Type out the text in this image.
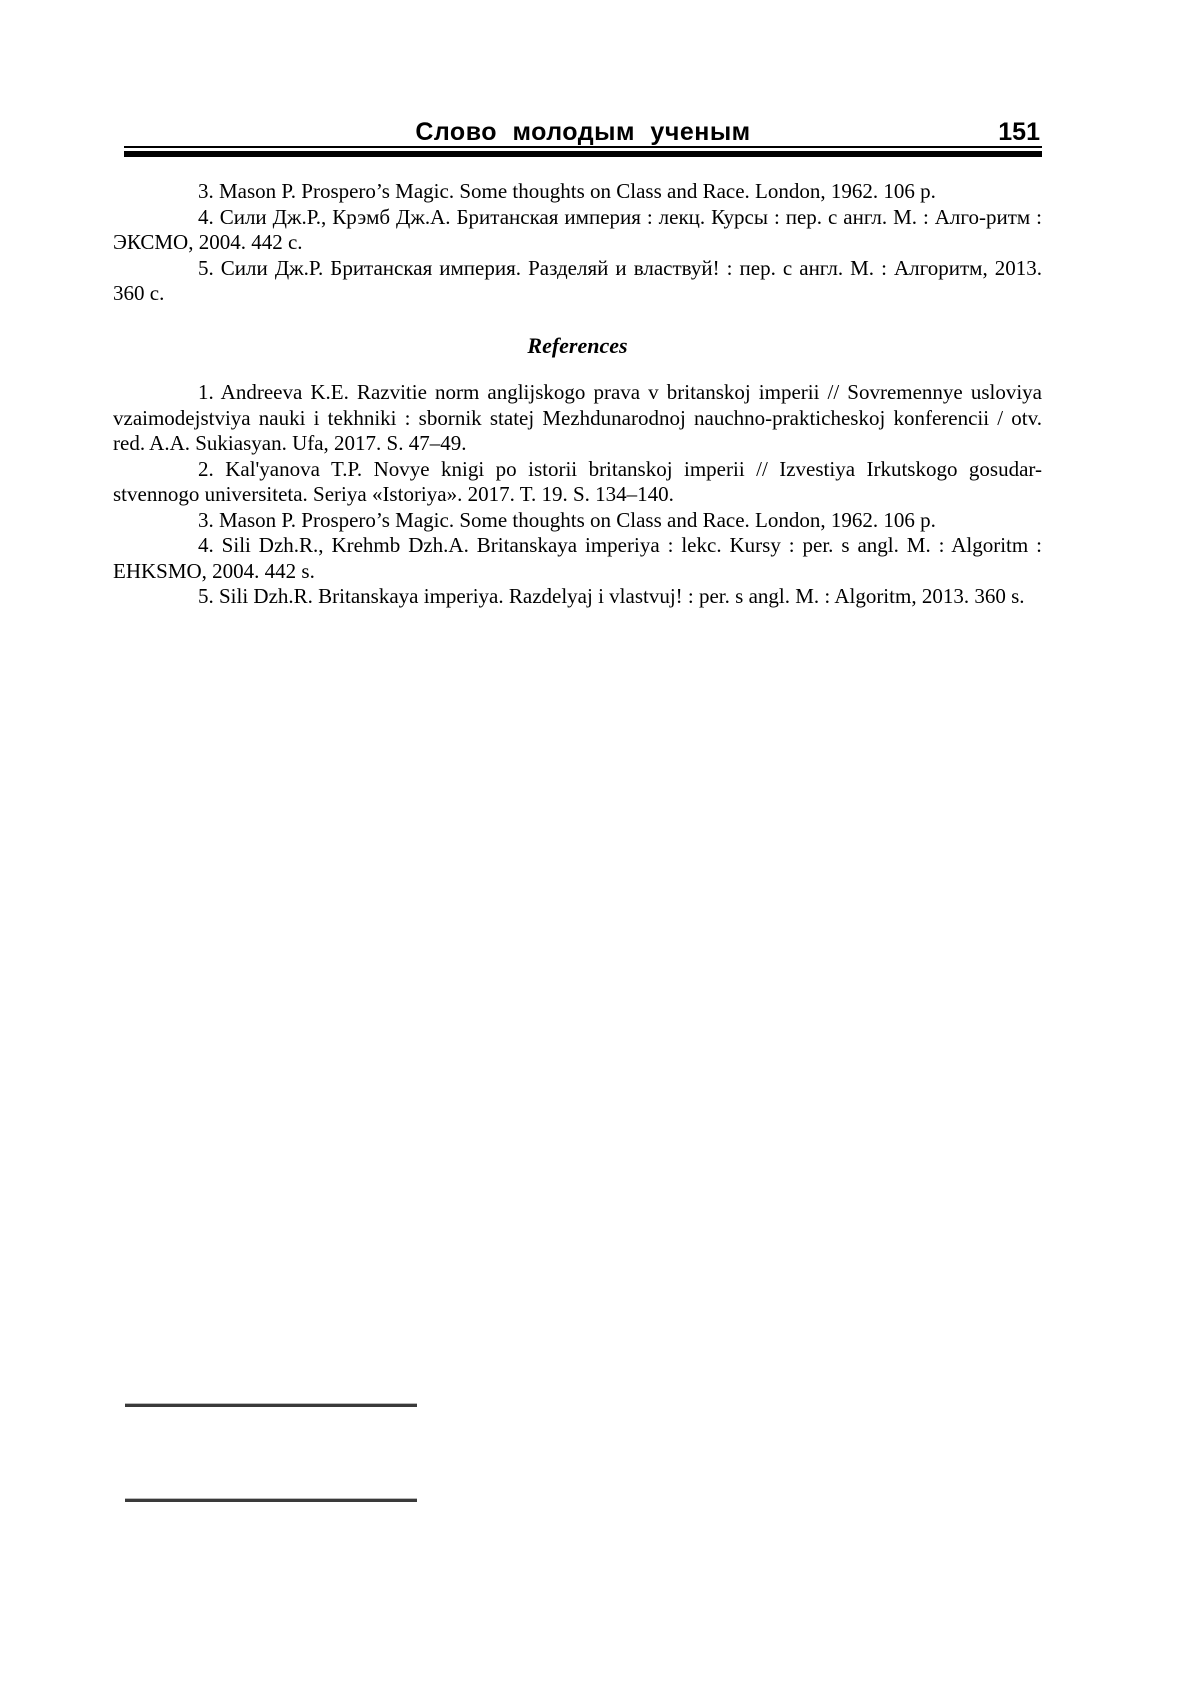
Слово молодым ученым	151

3. Mason P. Prospero’s Magic. Some thoughts on Class and Race. London, 1962. 106 p.

4. Сили Дж.Р., Крэмб Дж.А. Британская империя : лекц. Курсы : пер. с англ. М. : Алго-ритм : ЭКСМО, 2004. 442 с.

5. Сили Дж.Р. Британская империя. Разделяй и властвуй! : пер. с англ. М. : Алгоритм, 2013. 360 с.

References

1. Andreeva K.E. Razvitie norm anglijskogo prava v britanskoj imperii // Sovremennye usloviya vzaimodejstviya nauki i tekhniki : sbornik statej Mezhdunarodnoj nauchno-prakticheskoj konferencii / otv. red. A.A. Sukiasyan. Ufa, 2017. S. 47–49.

2. Kal'yanova T.P. Novye knigi po istorii britanskoj imperii // Izvestiya Irkutskogo gosudar-stvennogo universiteta. Seriya «Istoriya». 2017. T. 19. S. 134–140.

3. Mason P. Prospero’s Magic. Some thoughts on Class and Race. London, 1962. 106 p.

4. Sili Dzh.R., Krehmb Dzh.A. Britanskaya imperiya : lekc. Kursy : per. s angl. M. : Algoritm : EHKSMO, 2004. 442 s.

5. Sili Dzh.R. Britanskaya imperiya. Razdelyaj i vlastvuj! : per. s angl. M. : Algoritm, 2013. 360 s.
